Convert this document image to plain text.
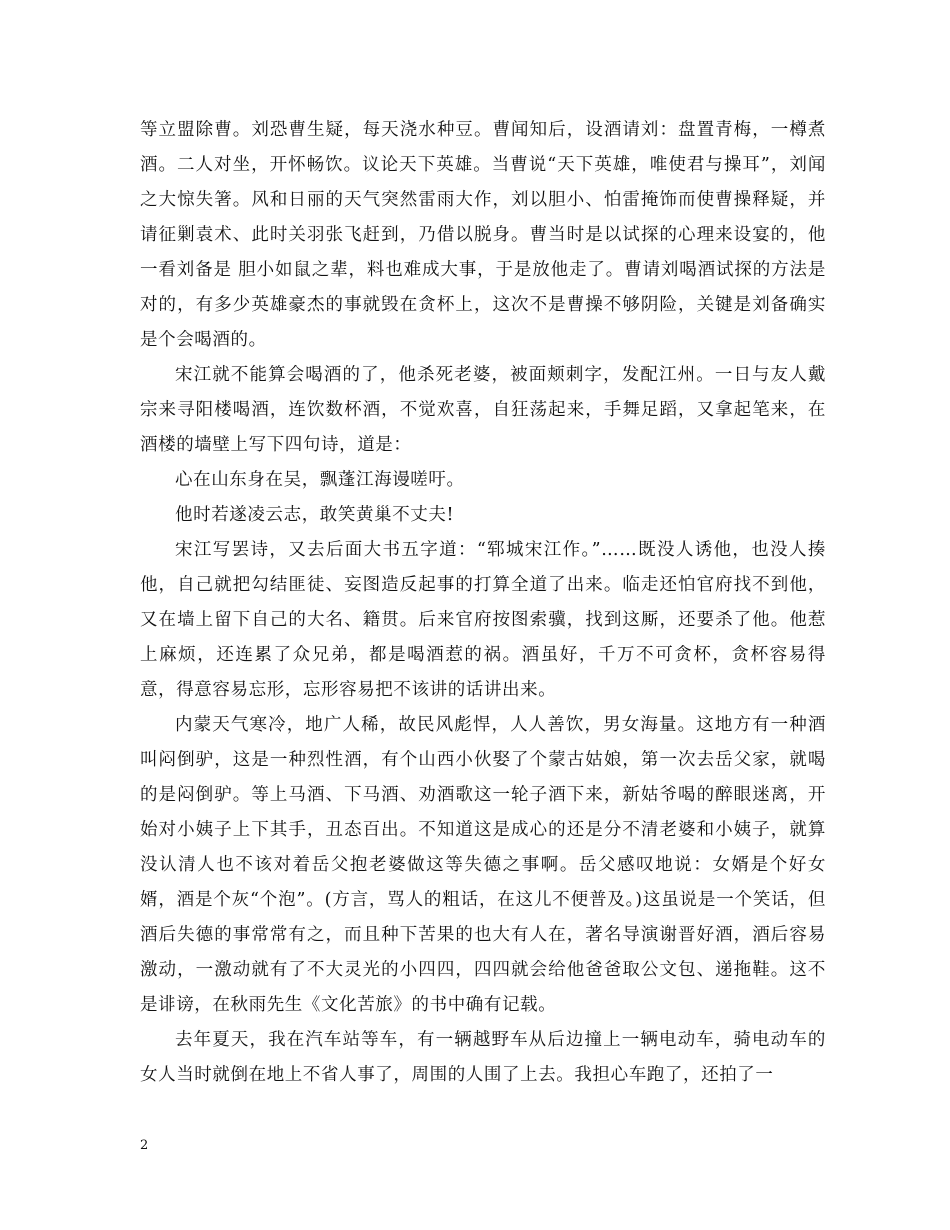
等立盟除曹。刘恐曹生疑，每天浇水种豆。曹闻知后，设酒请刘：盘置青梅，一樽煮酒。二人对坐，开怀畅饮。议论天下英雄。当曹说“天下英雄，唯使君与操耳”，刘闻之大惊失箸。风和日丽的天气突然雷雨大作，刘以胆小、怕雷掩饰而使曹操释疑，并请征剿袁术、此时关羽张飞赶到，乃借以脱身。曹当时是以试探的心理来设宴的，他一看刘备是 胆小如鼠之辈，料也难成大事，于是放他走了。曹请刘喝酒试探的方法是对的，有多少英雄豪杰的事就毁在贪杯上，这次不是曹操不够阴险，关键是刘备确实是个会喝酒的。

宋江就不能算会喝酒的了，他杀死老婆，被面颊刺字，发配江州。一日与友人戴宗来寻阳楼喝酒，连饮数杯酒，不觉欢喜，自狂荡起来，手舞足蹈，又拿起笔来，在酒楼的墙壁上写下四句诗，道是：

心在山东身在吴，飘蓬江海谩嗟吁。

他时若遂凌云志，敢笑黄巢不丈夫!

宋江写罢诗，又去后面大书五字道：“郓城宋江作。”……既没人诱他，也没人揍他，自己就把勾结匪徒、妄图造反起事的打算全道了出来。临走还怕官府找不到他，又在墙上留下自己的大名、籍贯。后来官府按图索骥，找到这厮，还要杀了他。他惹上麻烦，还连累了众兄弟，都是喝酒惹的祸。酒虽好，千万不可贪杯，贪杯容易得意，得意容易忘形，忘形容易把不该讲的话讲出来。

内蒙天气寒冷，地广人稀，故民风彪悍，人人善饮，男女海量。这地方有一种酒叫闷倒驴，这是一种烈性酒，有个山西小伙娶了个蒙古姑娘，第一次去岳父家，就喝的是闷倒驴。等上马酒、下马酒、劝酒歌这一轮子酒下来，新姑爷喝的醉眼迷离，开始对小姨子上下其手，丑态百出。不知道这是成心的还是分不清老婆和小姨子，就算没认清人也不该对着岳父抱老婆做这等失德之事啊。岳父感叹地说：女婿是个好女婿，酒是个灰“个泡”。(方言，骂人的粗话，在这儿不便普及。)这虽说是一个笑话，但酒后失德的事常常有之，而且种下苦果的也大有人在，著名导演谢晋好酒，酒后容易激动，一激动就有了不大灵光的小四四，四四就会给他爸爸取公文包、递拖鞋。这不是诽谤，在秋雨先生《文化苦旅》的书中确有记载。

去年夏天，我在汽车站等车，有一辆越野车从后边撞上一辆电动车，骑电动车的女人当时就倒在地上不省人事了，周围的人围了上去。我担心车跑了，还拍了一

2
